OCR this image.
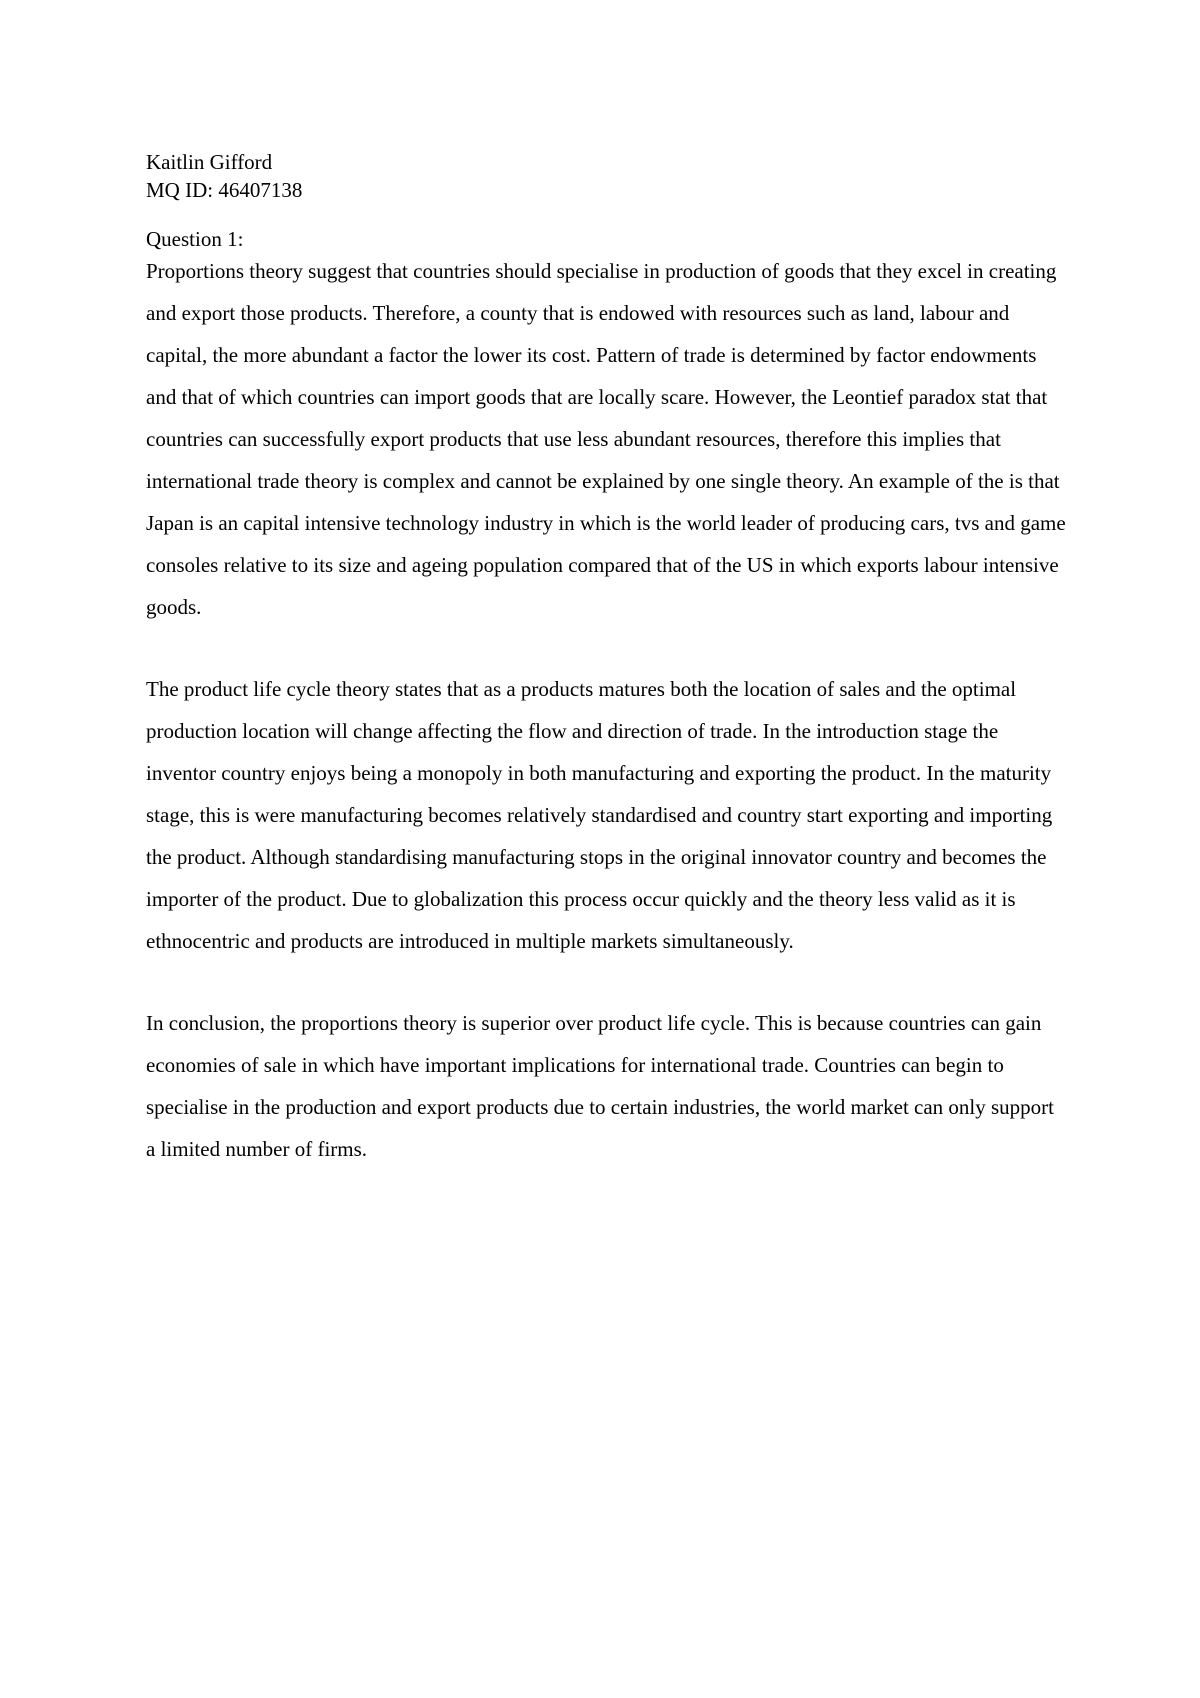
Kaitlin Gifford

MQ ID: 46407138

Question 1:

Proportions theory suggest that countries should specialise in production of goods that they excel in creating and export those products. Therefore, a county that is endowed with resources such as land, labour and capital, the more abundant a factor the lower its cost. Pattern of trade is determined by factor endowments and that of which countries can import goods that are locally scare. However, the Leontief paradox stat that countries can successfully export products that use less abundant resources, therefore this implies that international trade theory is complex and cannot be explained by one single theory. An example of the is that Japan is an capital intensive technology industry in which is the world leader of producing cars, tvs and game consoles relative to its size and ageing population compared that of the US in which exports labour intensive goods.

The product life cycle theory states that as a products matures both the location of sales and the optimal production location will change affecting the flow and direction of trade. In the introduction stage the inventor country enjoys being a monopoly in both manufacturing and exporting the product. In the maturity stage, this is were manufacturing becomes relatively standardised and country start exporting and importing the product. Although standardising manufacturing stops in the original innovator country and becomes the importer of the product. Due to globalization this process occur quickly and the theory less valid as it is ethnocentric and products are introduced in multiple markets simultaneously.

In conclusion, the proportions theory is superior over product life cycle. This is because countries can gain economies of sale in which have important implications for international trade. Countries can begin to specialise in the production and export products due to certain industries, the world market can only support a limited number of firms.
